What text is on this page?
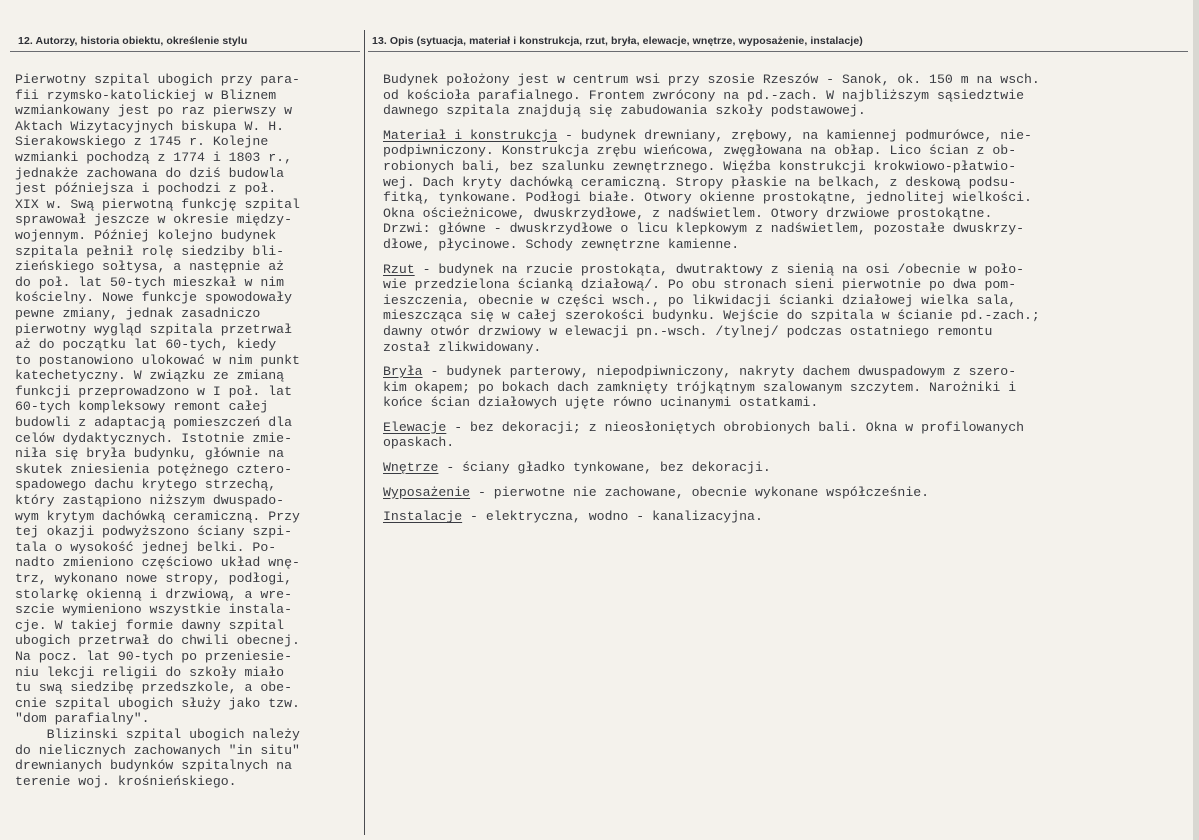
12. Autorzy, historia obiektu, określenie stylu	13. Opis (sytuacja, materiał i konstrukcja, rzut, bryła, elewacje, wnętrze, wyposażenie, instalacje)
Pierwotny szpital ubogich przy para-
fii rzymsko-katolickiej w Bliznem
wzmiankowany jest po raz pierwszy w
Aktach Wizytacyjnych biskupa W. H.
Sierakowskiego z 1745 r. Kolejne
wzmianki pochodzą z 1774 i 1803 r.,
jednakże zachowana do dziś budowla
jest późniejsza i pochodzi z poł.
XIX w. Swą pierwotną funkcję szpital
sprawował jeszcze w okresie między-
wojennym. Później kolejno budynek
szpitala pełnił rolę siedziby bli-
zieńskiego sołtysa, a następnie aż
do poł. lat 50-tych mieszkał w nim
kościelny. Nowe funkcje spowodowały
pewne zmiany, jednak zasadniczo
pierwotny wygląd szpitala przetrwał
aż do początku lat 60-tych, kiedy
to postanowiono ulokować w nim punkt
katechetyczny. W związku ze zmianą
funkcji przeprowadzono w I poł. lat
60-tych kompleksowy remont całej
budowli z adaptacją pomieszczeń dla
celów dydaktycznych. Istotnie zmie-
niła się bryła budynku, głównie na
skutek zniesienia potężnego cztero-
spadowego dachu krytego strzechą,
który zastąpiono niższym dwuspado-
wym krytym dachówką ceramiczną. Przy
tej okazji podwyższono ściany szpi-
tala o wysokość jednej belki. Po-
nadto zmieniono częściowo układ wnę-
trz, wykonano nowe stropy, podłogi,
stolarkę okienną i drzwiową, a wre-
szcie wymieniono wszystkie instala-
cje. W takiej formie dawny szpital
ubogich przetrwał do chwili obecnej.
Na pocz. lat 90-tych po przeniesie-
niu lekcji religii do szkoły miało
tu swą siedzibę przedszkole, a obe-
cnie szpital ubogich służy jako tzw.
"dom parafialny".
Blizinski szpital ubogich należy
do nielicznych zachowanych "in situ"
drewnianych budynków szpitalnych na
terenie woj. krośnieńskiego.
Budynek położony jest w centrum wsi przy szosie Rzeszów - Sanok, ok. 150 m na wsch.
od kościoła parafialnego. Frontem zwrócony na pd.-zach. W najbliższym sąsiedztwie
dawnego szpitala znajdują się zabudowania szkoły podstawowej.
Materiał i konstrukcja - budynek drewniany, zrębowy, na kamiennej podmurówce, nie-
podpiwniczony. Konstrukcja zrębu wieńcowa, zwęgłowana na obłap. Lico ścian z ob-
robionych bali, bez szalunku zewnętrznego. Więźba konstrukcji krokwiowo-płatwio-
wej. Dach kryty dachówką ceramiczną. Stropy płaskie na belkach, z deskową podsu-
fitką, tynkowane. Podłogi białe. Otwory okienne prostokątne, jednolitej wielkości.
Okna ościeżnicowe, dwuskrzydłowe, z nadświetlem. Otwory drzwiowe prostokątne.
Drzwi: główne - dwuskrzydłowe o licu klepkowym z nadświetlem, pozostałe dwuskrzy-
dłowe, płycinowe. Schody zewnętrzne kamienne.
Rzut - budynek na rzucie prostokąta, dwutraktowy z sienią na osi /obecnie w poło-
wie przedzielona ścianką działową/. Po obu stronach sieni pierwotnie po dwa pom-
ieszczenia, obecnie w części wsch., po likwidacji ścianki działowej wielka sala,
mieszcząca się w całej szerokości budynku. Wejście do szpitala w ścianie pd.-zach.;
dawny otwór drzwiowy w elewacji pn.-wsch. /tylnej/ podczas ostatniego remontu
został zlikwidowany.
Bryła - budynek parterowy, niepodpiwniczony, nakryty dachem dwuspadowym z szero-
kim okapem; po bokach dach zamknięty trójkątnym szalowanym szczytem. Narożniki i
końce ścian działowych ujęte równo ucinanymi ostatkami.
Elewacje - bez dekoracji; z nieosłoniętych obrobionych bali. Okna w profilowanych
opaskach.
Wnętrze - ściany gładko tynkowane, bez dekoracji.
Wyposażenie - pierwotne nie zachowane, obecnie wykonane współcześnie.
Instalacje - elektryczna, wodno - kanalizacyjna.
